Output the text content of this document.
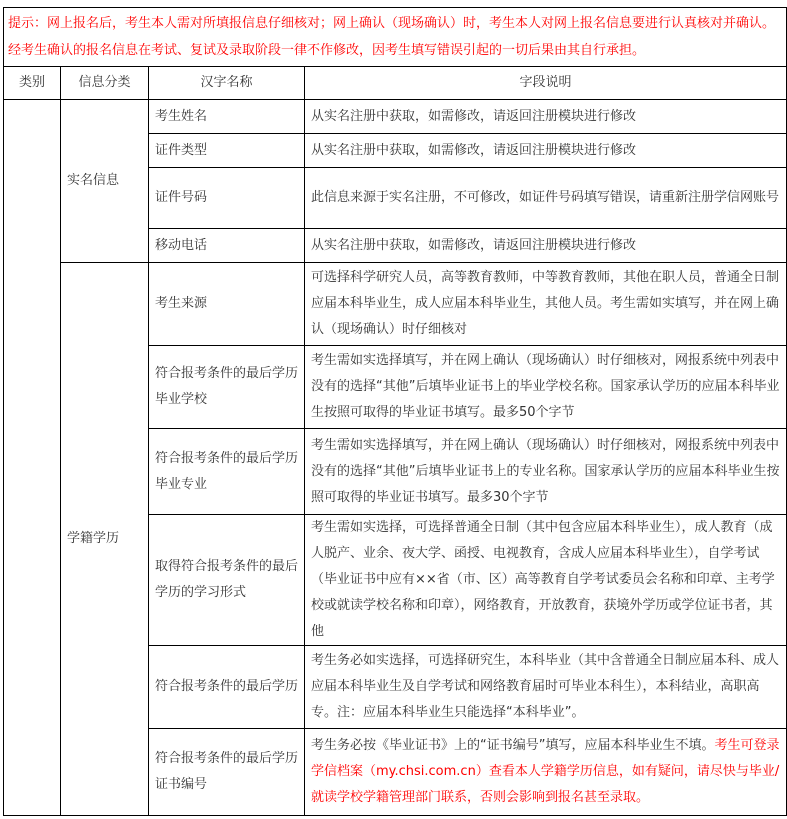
提示：网上报名后，考生本人需对所填报信息仔细核对；网上确认（现场确认）时，考生本人对网上报名信息要进行认真核对并确认。经考生确认的报名信息在考试、复试及录取阶段一律不作修改，因考生填写错误引起的一切后果由其自行承担。			
类别	信息分类	汉字名称	字段说明
	实名信息	考生姓名	从实名注册中获取，如需修改，请返回注册模块进行修改
		证件类型	从实名注册中获取，如需修改，请返回注册模块进行修改
		证件号码	此信息来源于实名注册，不可修改，如证件号码填写错误，请重新注册学信网账号
		移动电话	从实名注册中获取，如需修改，请返回注册模块进行修改
	学籍学历	考生来源	可选择科学研究人员，高等教育教师，中等教育教师，其他在职人员，普通全日制应届本科毕业生，成人应届本科毕业生，其他人员。考生需如实填写，并在网上确认（现场确认）时仔细核对
		符合报考条件的最后学历毕业学校	考生需如实选择填写，并在网上确认（现场确认）时仔细核对，网报系统中列表中没有的选择“其他”后填毕业证书上的毕业学校名称。国家承认学历的应届本科毕业生按照可取得的毕业证书填写。最多50个字节
		符合报考条件的最后学历毕业专业	考生需如实选择填写，并在网上确认（现场确认）时仔细核对，网报系统中列表中没有的选择“其他”后填毕业证书上的专业名称。国家承认学历的应届本科毕业生按照可取得的毕业证书填写。最多30个字节
		取得符合报考条件的最后学历的学习形式	考生需如实选择，可选择普通全日制（其中包含应届本科毕业生），成人教育（成人脱产、业余、夜大学、函授、电视教育，含成人应届本科毕业生），自学考试（毕业证书中应有××省（市、区）高等教育自学考试委员会名称和印章、主考学校或就读学校名称和印章），网络教育，开放教育，获境外学历或学位证书者，其他
		符合报考条件的最后学历	考生务必如实选择，可选择研究生，本科毕业（其中含普通全日制应届本科、成人应届本科毕业生及自学考试和网络教育届时可毕业本科生），本科结业，高职高专。注：应届本科毕业生只能选择“本科毕业”。
		符合报考条件的最后学历证书编号	考生务必按《毕业证书》上的“证书编号”填写，应届本科毕业生不填。考生可登录学信档案（my.chsi.com.cn）查看本人学籍学历信息，如有疑问，请尽快与毕业/就读学校学籍管理部门联系，否则会影响到报名甚至录取。
